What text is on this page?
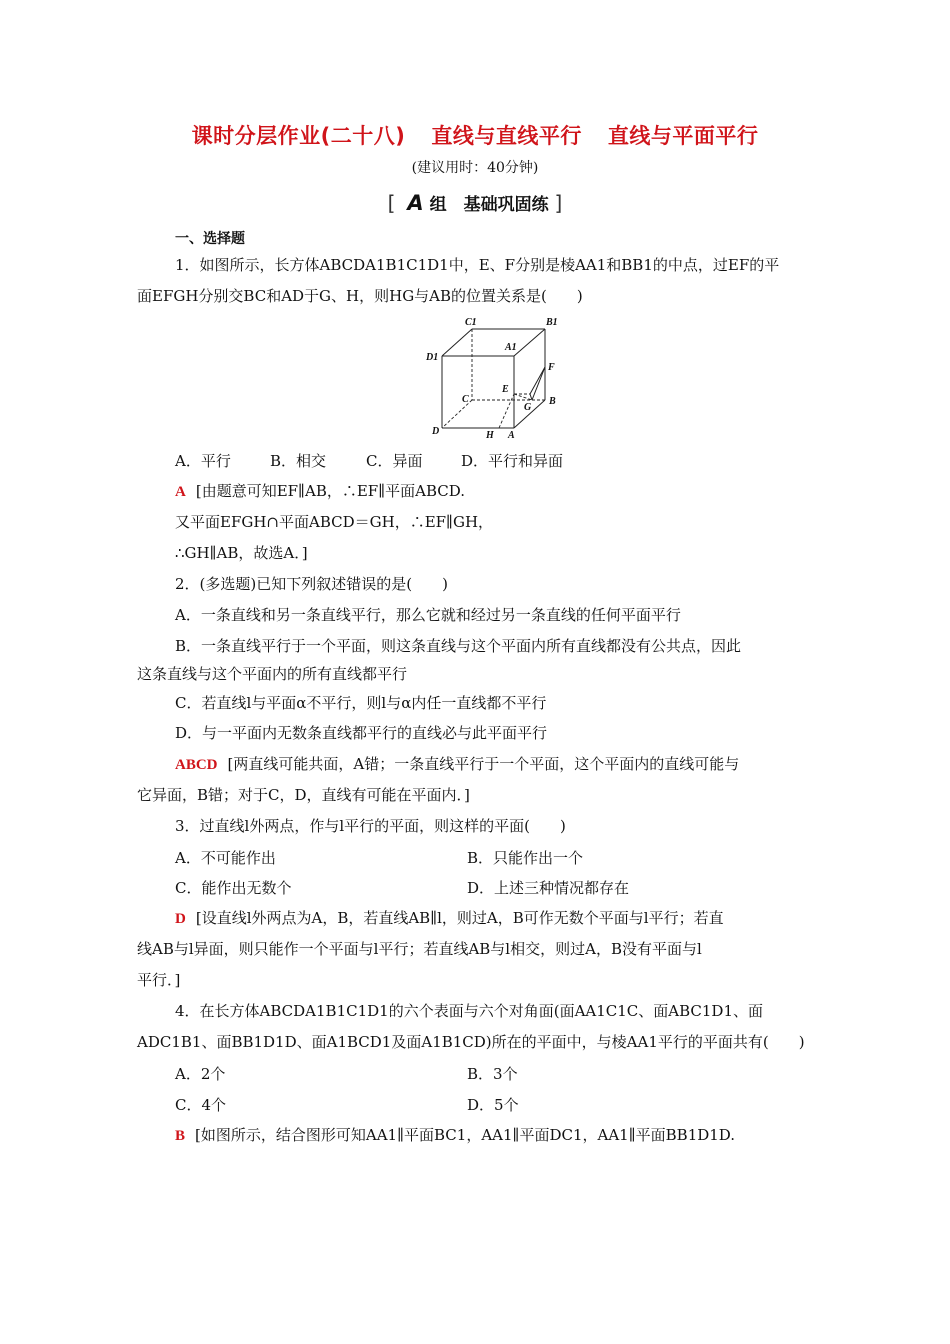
课时分层作业(二十八) 直线与直线平行 直线与平面平行
(建议用时：40分钟)
[ A 组　基础巩固练 ]
一、选择题
1．如图所示，长方体ABCDA1B1C1D1中，E、F分别是棱AA1和BB1的中点，过EF的平
面EFGH分别交BC和AD于G、H，则HG与AB的位置关系是(　　)
C1	B1
A1
D1
F
E
C
G
B
D	H A
A．平行	B．相交	C．异面	D．平行和异面
A [由题意可知EF∥AB，∴EF∥平面ABCD.
又平面EFGH∩平面ABCD＝GH，∴EF∥GH，
∴GH∥AB，故选A．]
2．(多选题)已知下列叙述错误的是(　　)
A．一条直线和另一条直线平行，那么它就和经过另一条直线的任何平面平行
B．一条直线平行于一个平面，则这条直线与这个平面内所有直线都没有公共点，因此
这条直线与这个平面内的所有直线都平行
C．若直线l与平面α不平行，则l与α内任一直线都不平行
D．与一平面内无数条直线都平行的直线必与此平面平行
ABCD [两直线可能共面，A错；一条直线平行于一个平面，这个平面内的直线可能与
它异面，B错；对于C，D，直线有可能在平面内．]
3．过直线l外两点，作与l平行的平面，则这样的平面(　　)
A．不可能作出	B．只能作出一个
C．能作出无数个	D．上述三种情况都存在
D [设直线l外两点为A，B，若直线AB∥l，则过A，B可作无数个平面与l平行；若直
线AB与l异面，则只能作一个平面与l平行；若直线AB与l相交，则过A，B没有平面与l
平行．]
4．在长方体ABCDA1B1C1D1的六个表面与六个对角面(面AA1C1C、面ABC1D1、面
ADC1B1、面BB1D1D、面A1BCD1及面A1B1CD)所在的平面中，与棱AA1平行的平面共有(　　)
A．2个	B．3个
C．4个	D．5个
B [如图所示，结合图形可知AA1∥平面BC1，AA1∥平面DC1，AA1∥平面BB1D1D.
